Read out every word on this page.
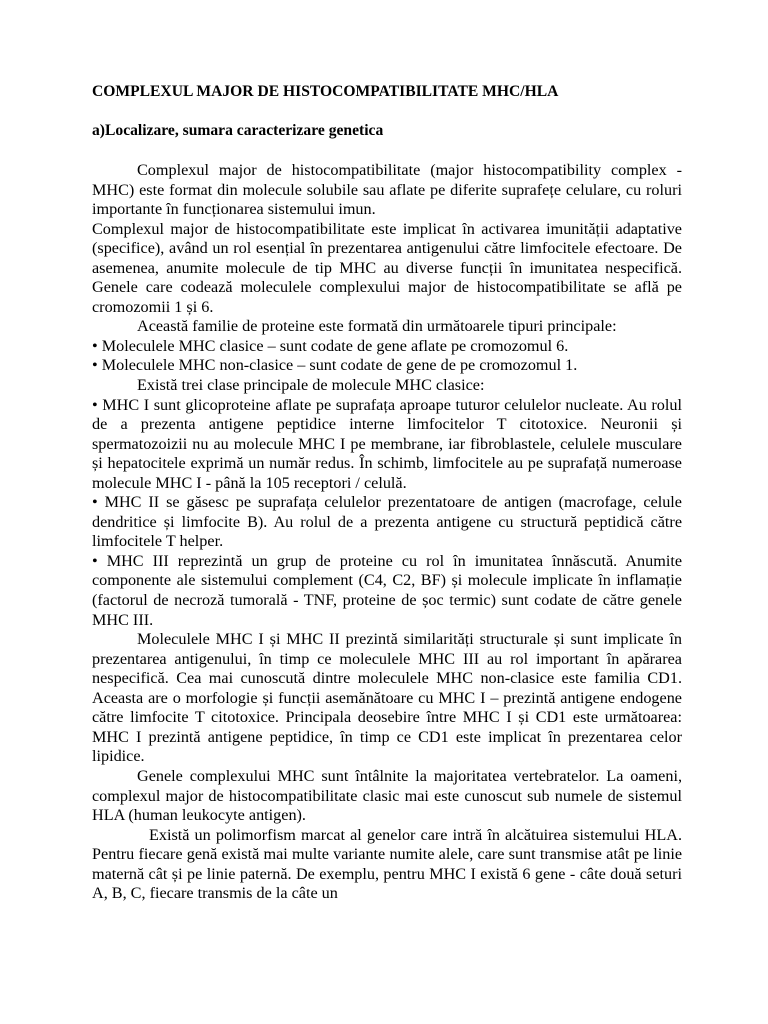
COMPLEXUL MAJOR DE HISTOCOMPATIBILITATE MHC/HLA
a)Localizare, sumara caracterizare genetica

Complexul major de histocompatibilitate (major histocompatibility complex - MHC) este format din molecule solubile sau aflate pe diferite suprafețe celulare, cu roluri importante în funcționarea sistemului imun.

Complexul major de histocompatibilitate este implicat în activarea imunității adaptative (specifice), având un rol esențial în prezentarea antigenului către limfocitele efectoare. De asemenea, anumite molecule de tip MHC au diverse funcții în imunitatea nespecifică. Genele care codează moleculele complexului major de histocompatibilitate se află pe cromozomii 1 și 6.

Această familie de proteine este formată din următoarele tipuri principale:

• Moleculele MHC clasice – sunt codate de gene aflate pe cromozomul 6.

• Moleculele MHC non-clasice – sunt codate de gene de pe cromozomul 1.

Există trei clase principale de molecule MHC clasice:

• MHC I sunt glicoproteine aflate pe suprafața aproape tuturor celulelor nucleate. Au rolul de a prezenta antigene peptidice interne limfocitelor T citotoxice. Neuronii și spermatozoizii nu au molecule MHC I pe membrane, iar fibroblastele, celulele musculare și hepatocitele exprimă un număr redus. În schimb, limfocitele au pe suprafață numeroase molecule MHC I - până la 105 receptori / celulă.

• MHC II se găsesc pe suprafața celulelor prezentatoare de antigen (macrofage, celule dendritice și limfocite B). Au rolul de a prezenta antigene cu structură peptidică către limfocitele T helper.

• MHC III reprezintă un grup de proteine cu rol în imunitatea înnăscută. Anumite componente ale sistemului complement (C4, C2, BF) și molecule implicate în inflamație (factorul de necroză tumorală - TNF, proteine de șoc termic) sunt codate de către genele MHC III.

Moleculele MHC I și MHC II prezintă similarități structurale și sunt implicate în prezentarea antigenului, în timp ce moleculele MHC III au rol important în apărarea nespecifică. Cea mai cunoscută dintre moleculele MHC non-clasice este familia CD1. Aceasta are o morfologie și funcții asemănătoare cu MHC I – prezintă antigene endogene către limfocite T citotoxice. Principala deosebire între MHC I și CD1 este următoarea: MHC I prezintă antigene peptidice, în timp ce CD1 este implicat în prezentarea celor lipidice.

Genele complexului MHC sunt întâlnite la majoritatea vertebratelor. La oameni, complexul major de histocompatibilitate clasic mai este cunoscut sub numele de sistemul HLA (human leukocyte antigen).

Există un polimorfism marcat al genelor care intră în alcătuirea sistemului HLA. Pentru fiecare genă există mai multe variante numite alele, care sunt transmise atât pe linie maternă cât și pe linie paternă. De exemplu, pentru MHC I există 6 gene - câte două seturi A, B, C, fiecare transmis de la câte un
